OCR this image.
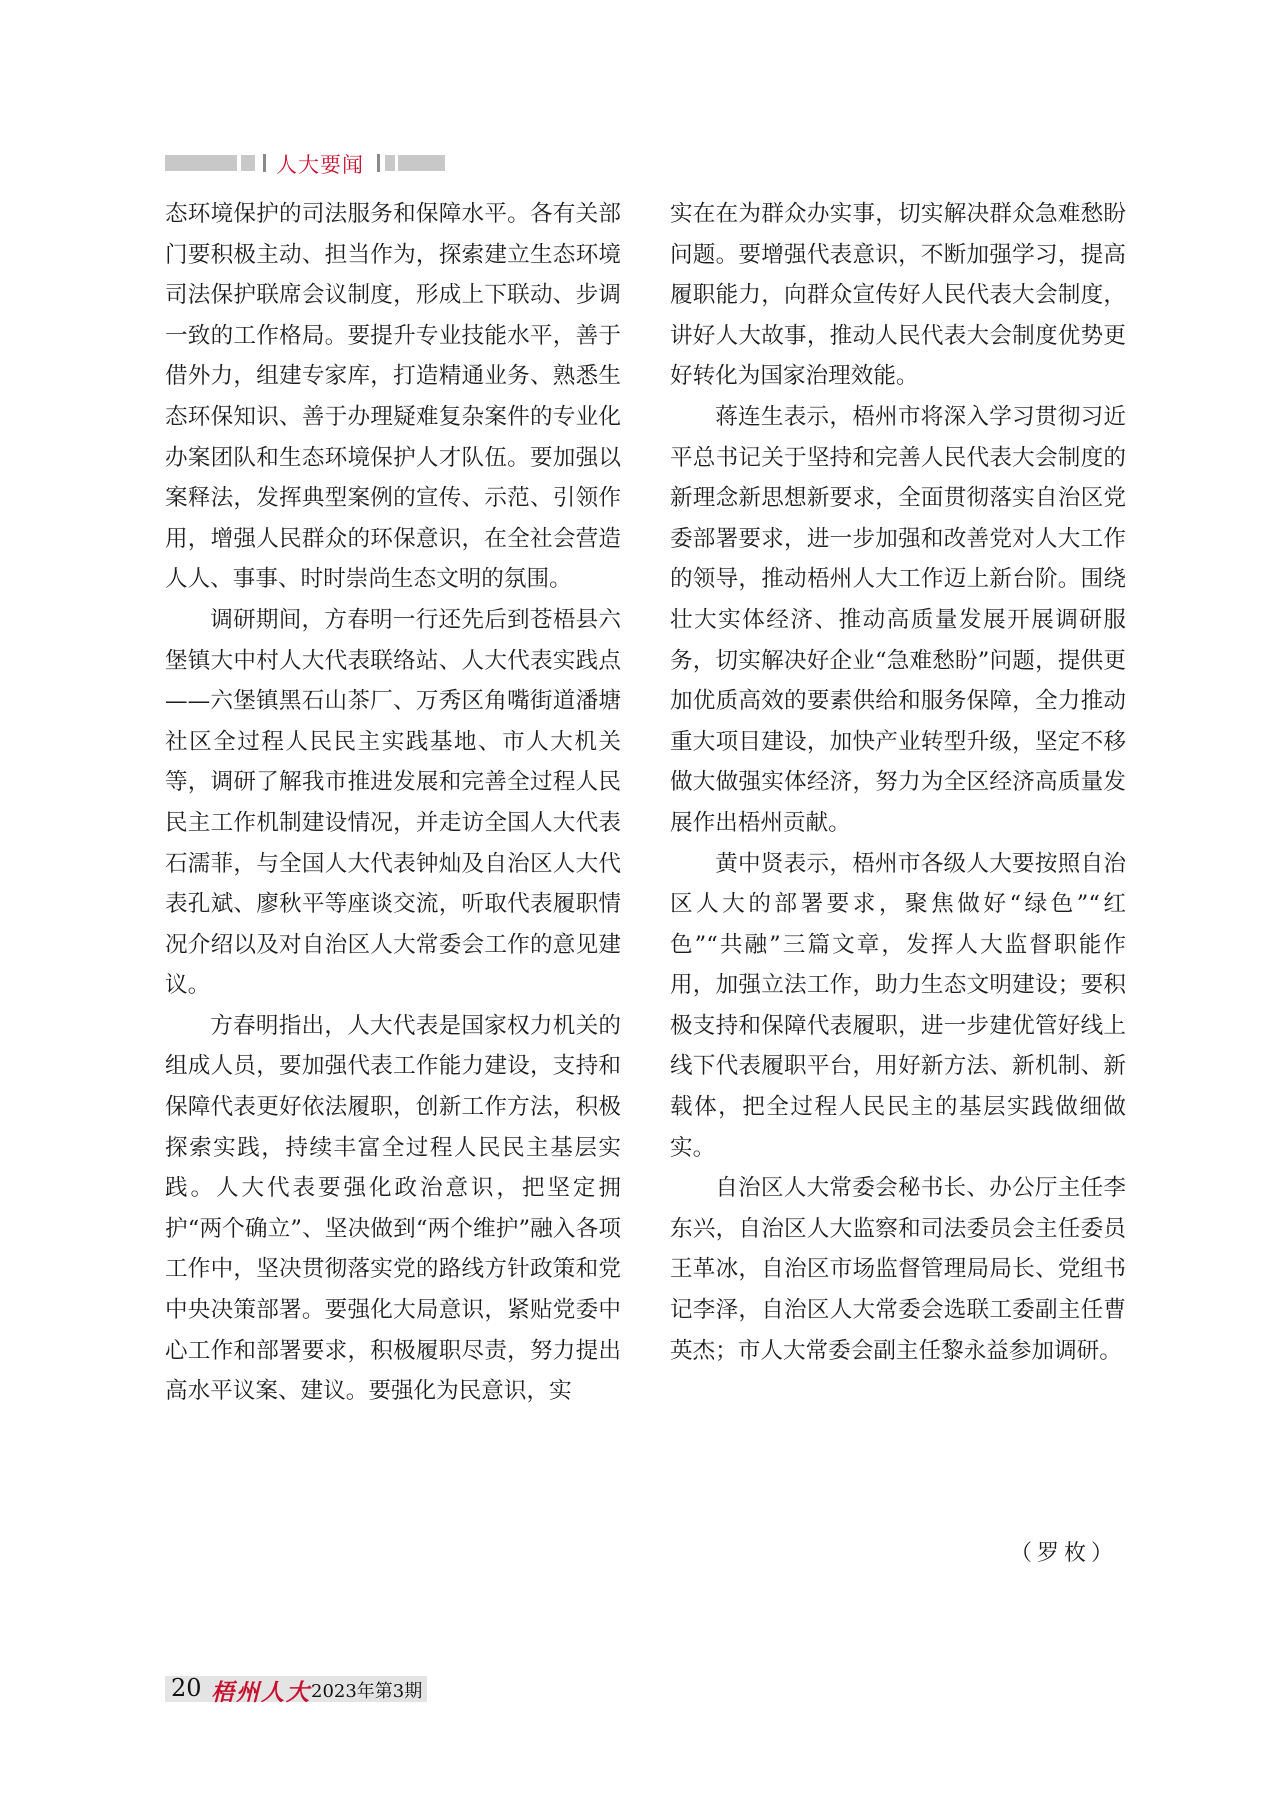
人大要闻

态环境保护的司法服务和保障水平。各有关部门要积极主动、担当作为，探索建立生态环境司法保护联席会议制度，形成上下联动、步调一致的工作格局。要提升专业技能水平，善于借外力，组建专家库，打造精通业务、熟悉生态环保知识、善于办理疑难复杂案件的专业化办案团队和生态环境保护人才队伍。要加强以案释法，发挥典型案例的宣传、示范、引领作用，增强人民群众的环保意识，在全社会营造人人、事事、时时崇尚生态文明的氛围。

调研期间，方春明一行还先后到苍梧县六堡镇大中村人大代表联络站、人大代表实践点——六堡镇黑石山茶厂、万秀区角嘴街道潘塘社区全过程人民民主实践基地、市人大机关等，调研了解我市推进发展和完善全过程人民民主工作机制建设情况，并走访全国人大代表石濡菲，与全国人大代表钟灿及自治区人大代表孔斌、廖秋平等座谈交流，听取代表履职情况介绍以及对自治区人大常委会工作的意见建议。

方春明指出，人大代表是国家权力机关的组成人员，要加强代表工作能力建设，支持和保障代表更好依法履职，创新工作方法，积极探索实践，持续丰富全过程人民民主基层实践。人大代表要强化政治意识，把坚定拥护“两个确立”、坚决做到“两个维护”融入各项工作中，坚决贯彻落实党的路线方针政策和党中央决策部署。要强化大局意识，紧贴党委中心工作和部署要求，积极履职尽责，努力提出高水平议案、建议。要强化为民意识，实

实在在为群众办实事，切实解决群众急难愁盼问题。要增强代表意识，不断加强学习，提高履职能力，向群众宣传好人民代表大会制度，讲好人大故事，推动人民代表大会制度优势更好转化为国家治理效能。

蒋连生表示，梧州市将深入学习贯彻习近平总书记关于坚持和完善人民代表大会制度的新理念新思想新要求，全面贯彻落实自治区党委部署要求，进一步加强和改善党对人大工作的领导，推动梧州人大工作迈上新台阶。围绕壮大实体经济、推动高质量发展开展调研服务，切实解决好企业“急难愁盼”问题，提供更加优质高效的要素供给和服务保障，全力推动重大项目建设，加快产业转型升级，坚定不移做大做强实体经济，努力为全区经济高质量发展作出梧州贡献。

黄中贤表示，梧州市各级人大要按照自治区人大的部署要求，聚焦做好“绿色”“红色”“共融”三篇文章，发挥人大监督职能作用，加强立法工作，助力生态文明建设；要积极支持和保障代表履职，进一步建优管好线上线下代表履职平台，用好新方法、新机制、新载体，把全过程人民民主的基层实践做细做实。

自治区人大常委会秘书长、办公厅主任李东兴，自治区人大监察和司法委员会主任委员王革冰，自治区市场监督管理局局长、党组书记李泽，自治区人大常委会选联工委副主任曹英杰；市人大常委会副主任黎永益参加调研。

（罗枚）
20 梧州人大 2023年第3期
